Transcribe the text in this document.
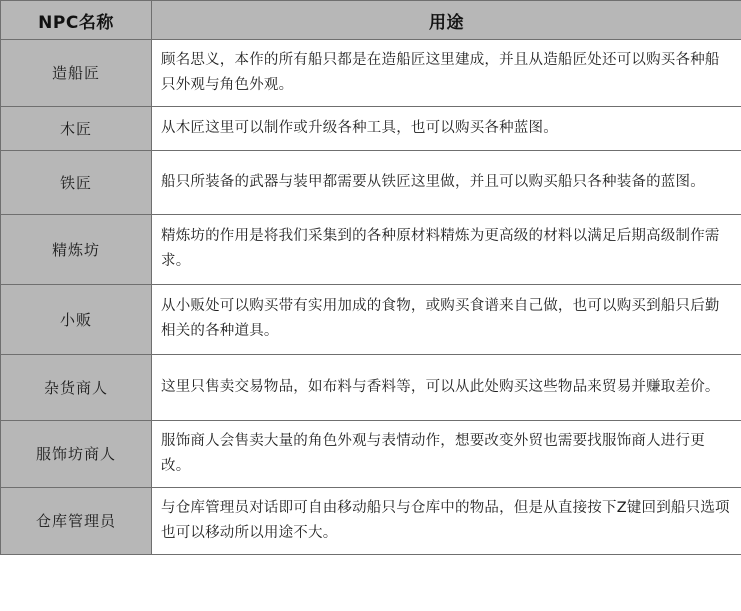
NPC名称	用途
造船匠	顾名思义，本作的所有船只都是在造船匠这里建成，并且从造船匠处还可以购买各种船只外观与角色外观。
木匠	从木匠这里可以制作或升级各种工具，也可以购买各种蓝图。
铁匠	船只所装备的武器与装甲都需要从铁匠这里做，并且可以购买船只各种装备的蓝图。
精炼坊	精炼坊的作用是将我们采集到的各种原材料精炼为更高级的材料以满足后期高级制作需求。
小贩	从小贩处可以购买带有实用加成的食物，或购买食谱来自己做，也可以购买到船只后勤相关的各种道具。
杂货商人	这里只售卖交易物品，如布料与香料等，可以从此处购买这些物品来贸易并赚取差价。
服饰坊商人	服饰商人会售卖大量的角色外观与表情动作，想要改变外贸也需要找服饰商人进行更改。
仓库管理员	与仓库管理员对话即可自由移动船只与仓库中的物品，但是从直接按下Z键回到船只选项也可以移动所以用途不大。
